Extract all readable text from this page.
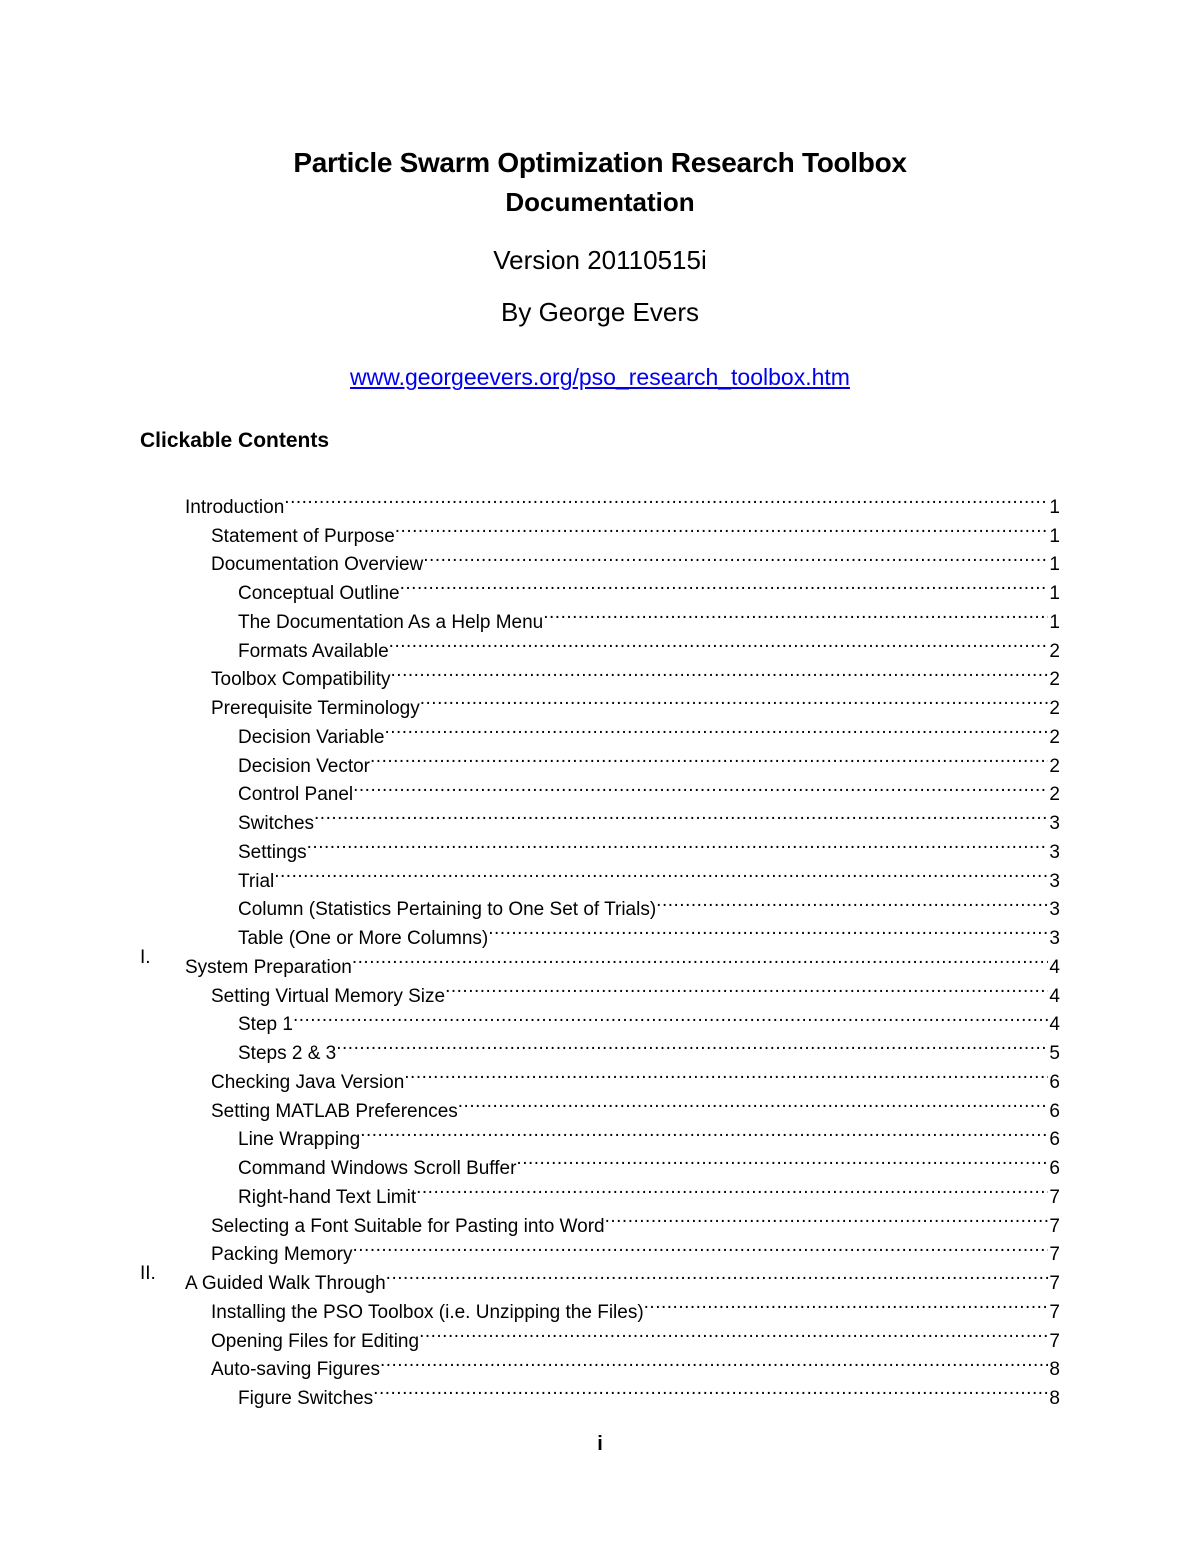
Particle Swarm Optimization Research Toolbox
Documentation
Version 20110515i
By George Evers
www.georgeevers.org/pso_research_toolbox.htm
Clickable Contents
Introduction .....	1
Statement of Purpose .....	1
Documentation Overview .....	1
Conceptual Outline .....	1
The Documentation As a Help Menu .....	1
Formats Available .....	2
Toolbox Compatibility .....	2
Prerequisite Terminology .....	2
Decision Variable .....	2
Decision Vector .....	2
Control Panel .....	2
Switches .....	3
Settings .....	3
Trial .....	3
Column (Statistics Pertaining to One Set of Trials) .....	3
Table (One or More Columns) .....	3
I. System Preparation .....	4
Setting Virtual Memory Size .....	4
Step 1 .....	4
Steps 2 & 3 .....	5
Checking Java Version .....	6
Setting MATLAB Preferences .....	6
Line Wrapping .....	6
Command Windows Scroll Buffer .....	6
Right-hand Text Limit .....	7
Selecting a Font Suitable for Pasting into Word .....	7
Packing Memory .....	7
II. A Guided Walk Through .....	7
Installing the PSO Toolbox (i.e. Unzipping the Files) .....	7
Opening Files for Editing .....	7
Auto-saving Figures .....	8
Figure Switches .....	8
i
